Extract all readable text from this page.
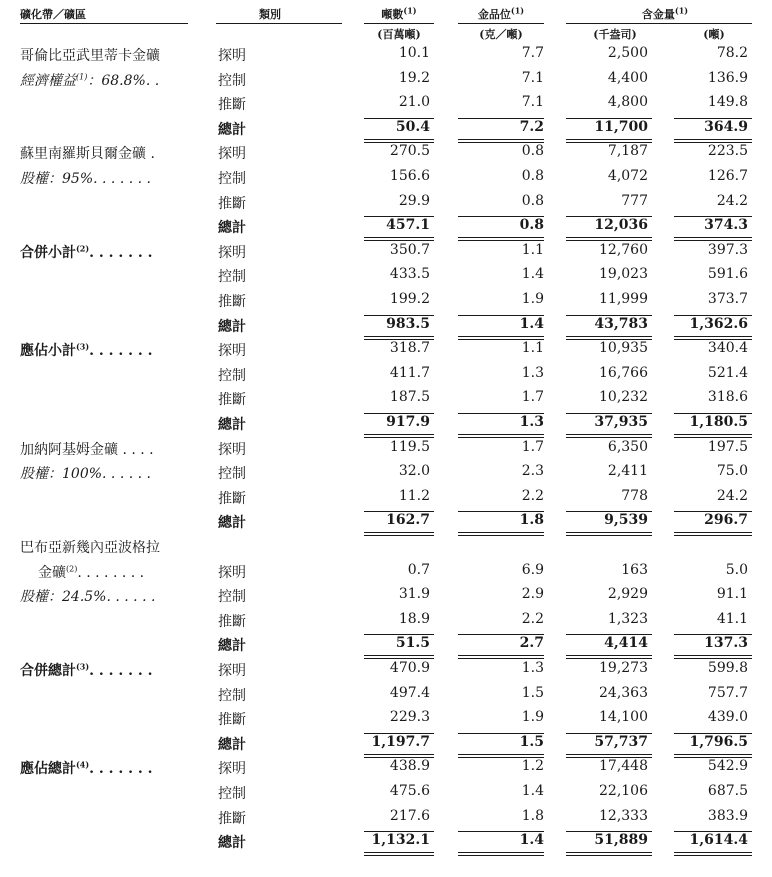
礦化帶／礦區	類別	噸數$^{(1)}$	金品位$^{(1)}$	含金量$^{(1)}$
(百萬噸)	(克／噸)	(千盎司)	(噸)
哥倫比亞武里蒂卡金礦
經濟權益$^{(1)}$：68.8%. .
探明	10.1	7.7	2,500	78.2
控制	19.2	7.1	4,400	136.9
推斷	21.0	7.1	4,800	149.8
總計	50.4	7.2	11,700	364.9
蘇里南羅斯貝爾金礦 .
股權：95%. . . . . . .
探明	270.5	0.8	7,187	223.5
控制	156.6	0.8	4,072	126.7
推斷	29.9	0.8	777	24.2
總計	457.1	0.8	12,036	374.3
合併小計$^{(2)}$. . . . . . .	探明	350.7	1.1	12,760	397.3
控制	433.5	1.4	19,023	591.6
推斷	199.2	1.9	11,999	373.7
總計	983.5	1.4	43,783	1,362.6
應佔小計$^{(3)}$. . . . . . .	探明	318.7	1.1	10,935	340.4
控制	411.7	1.3	16,766	521.4
推斷	187.5	1.7	10,232	318.6
總計	917.9	1.3	37,935	1,180.5
加納阿基姆金礦 . . . .
股權：100%. . . . . .
探明	119.5	1.7	6,350	197.5
控制	32.0	2.3	2,411	75.0
推斷	11.2	2.2	778	24.2
總計	162.7	1.8	9,539	296.7
巴布亞新幾內亞波格拉
金礦$^{(2)}$. . . . . . . .
股權：24.5%. . . . . .
探明	0.7	6.9	163	5.0
控制	31.9	2.9	2,929	91.1
推斷	18.9	2.2	1,323	41.1
總計	51.5	2.7	4,414	137.3
合併總計$^{(3)}$. . . . . . .	探明	470.9	1.3	19,273	599.8
控制	497.4	1.5	24,363	757.7
推斷	229.3	1.9	14,100	439.0
總計	1,197.7	1.5	57,737	1,796.5
應佔總計$^{(4)}$. . . . . . .	探明	438.9	1.2	17,448	542.9
控制	475.6	1.4	22,106	687.5
推斷	217.6	1.8	12,333	383.9
總計	1,132.1	1.4	51,889	1,614.4
